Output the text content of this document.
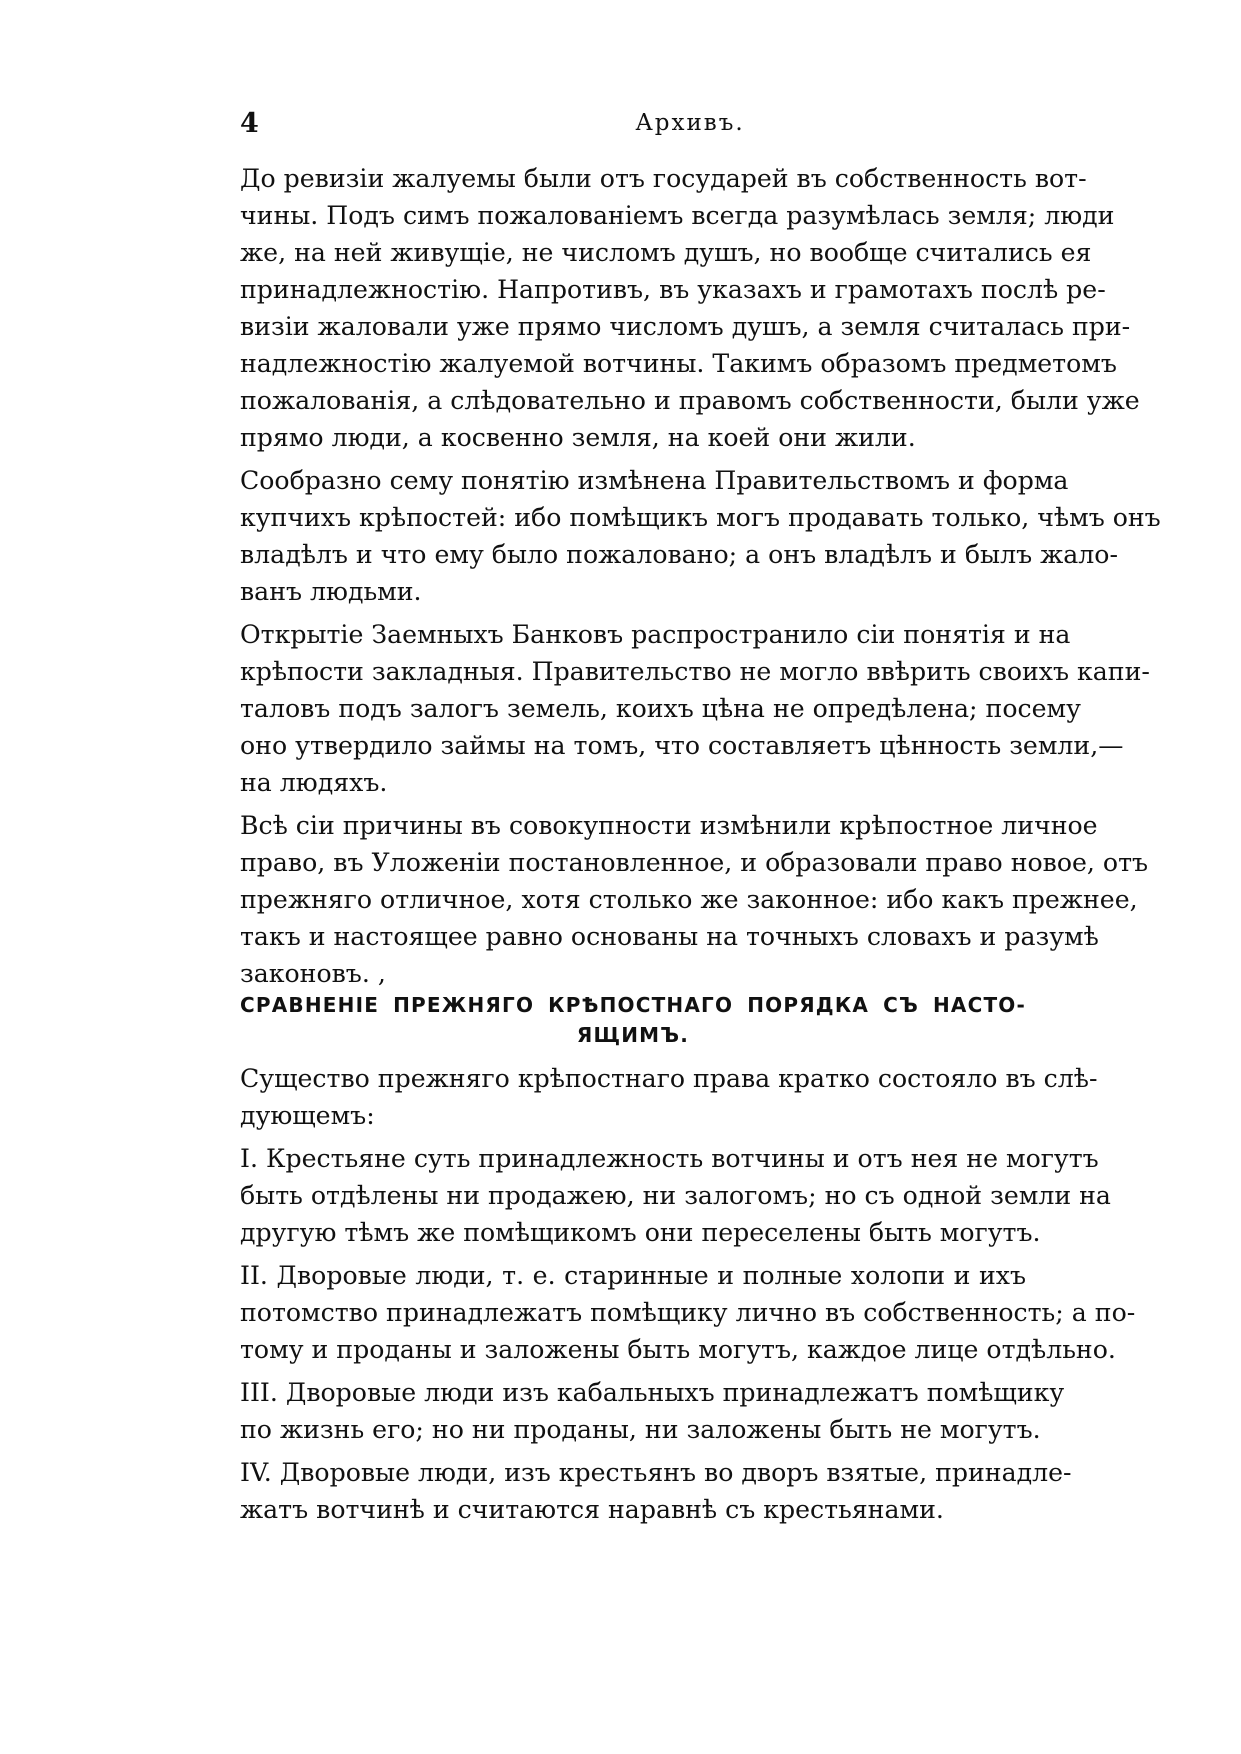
4	Архивъ.

До ревизіи жалуемы были отъ государей въ собственность вот-
чины. Подъ симъ пожалованіемъ всегда разумѣлась земля; люди
же, на ней живущіе, не числомъ душъ, но вообще считались ея
принадлежностію. Напротивъ, въ указахъ и грамотахъ послѣ ре-
визіи жаловали уже прямо числомъ душъ, а земля считалась при-
надлежностію жалуемой вотчины. Такимъ образомъ предметомъ
пожалованія, а слѣдовательно и правомъ собственности, были уже
прямо люди, а косвенно земля, на коей они жили.

Сообразно сему понятію измѣнена Правительствомъ и форма
купчихъ крѣпостей: ибо помѣщикъ могъ продавать только, чѣмъ онъ
владѣлъ и что ему было пожаловано; а онъ владѣлъ и былъ жало-
ванъ людьми.

Открытіе Заемныхъ Банковъ распространило сіи понятія и на
крѣпости закладныя. Правительство не могло ввѣрить своихъ капи-
таловъ подъ залогъ земель, коихъ цѣна не опредѣлена; посему
оно утвердило займы на томъ, что составляетъ цѣнность земли,—
на людяхъ.

Всѣ сіи причины въ совокупности измѣнили крѣпостное личное
право, въ Уложеніи постановленное, и образовали право новое, отъ
прежняго отличное, хотя столько же законное: ибо какъ прежнее,
такъ и настоящее равно основаны на точныхъ словахъ и разумѣ
законовъ. ,

СРАВНЕНІЕ ПРЕЖНЯГО КРѢПОСТНАГО ПОРЯДКА СЪ НАСТО-
ЯЩИМЪ.

Существо прежняго крѣпостнаго права кратко состояло въ слѣ-
дующемъ:

I. Крестьяне суть принадлежность вотчины и отъ нея не могутъ
быть отдѣлены ни продажею, ни залогомъ; но съ одной земли на
другую тѣмъ же помѣщикомъ они переселены быть могутъ.

II. Дворовые люди, т. е. старинные и полные холопи и ихъ
потомство принадлежатъ помѣщику лично въ собственность; а по-
тому и проданы и заложены быть могутъ, каждое лице отдѣльно.

III. Дворовые люди изъ кабальныхъ принадлежатъ помѣщику
по жизнь его; но ни проданы, ни заложены быть не могутъ.

IV. Дворовые люди, изъ крестьянъ во дворъ взятые, принадле-
жатъ вотчинѣ и считаются наравнѣ съ крестьянами.
